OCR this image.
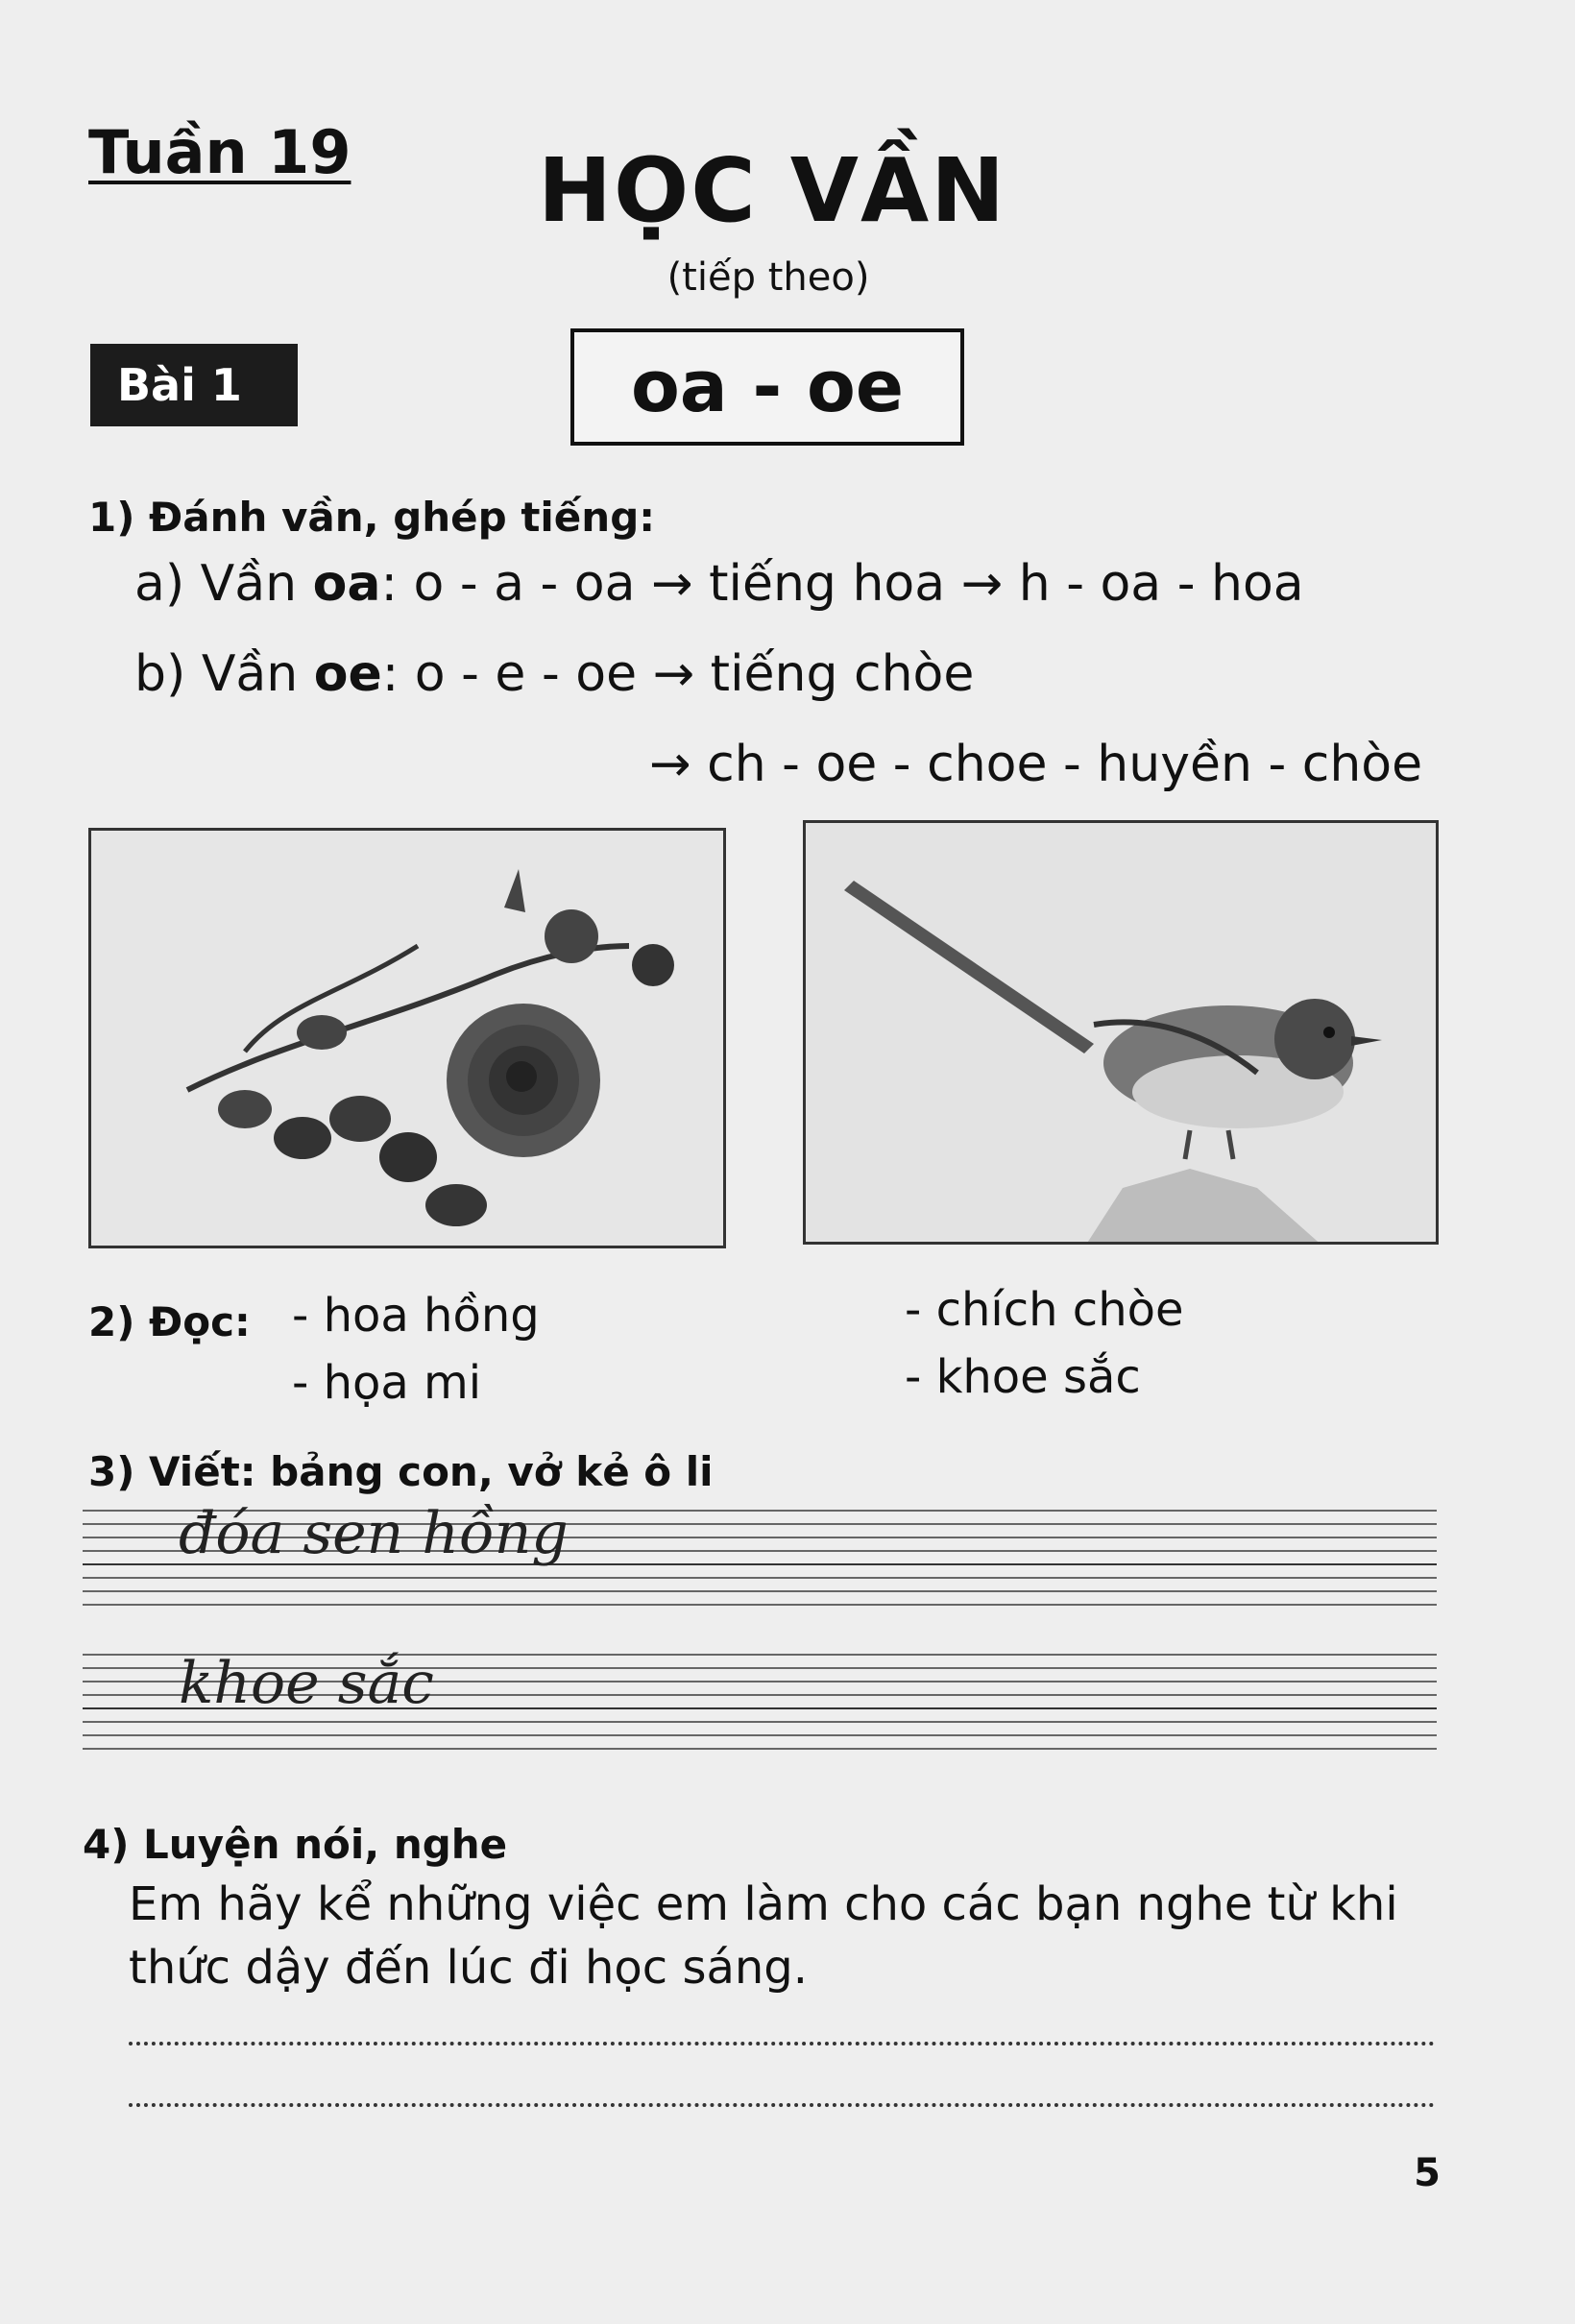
Tuần 19 HỌC VẦN
(tiếp theo)
Bài 1	oa - oe
1) Đánh vần, ghép tiếng:
a) Vần oa: o - a - oa → tiếng hoa → h - oa - hoa
b) Vần oe: o - e - oe → tiếng chòe
→ ch - oe - choe - huyền - chòe
2) Đọc: - hoa hồng
- họa mi
- chích chòe
- khoe sắc
3) Viết: bảng con, vở kẻ ô li
đóa sen hồng
khoe sắc
4) Luyện nói, nghe
Em hãy kể những việc em làm cho các bạn nghe từ khi thức dậy đến lúc đi học sáng.
5
